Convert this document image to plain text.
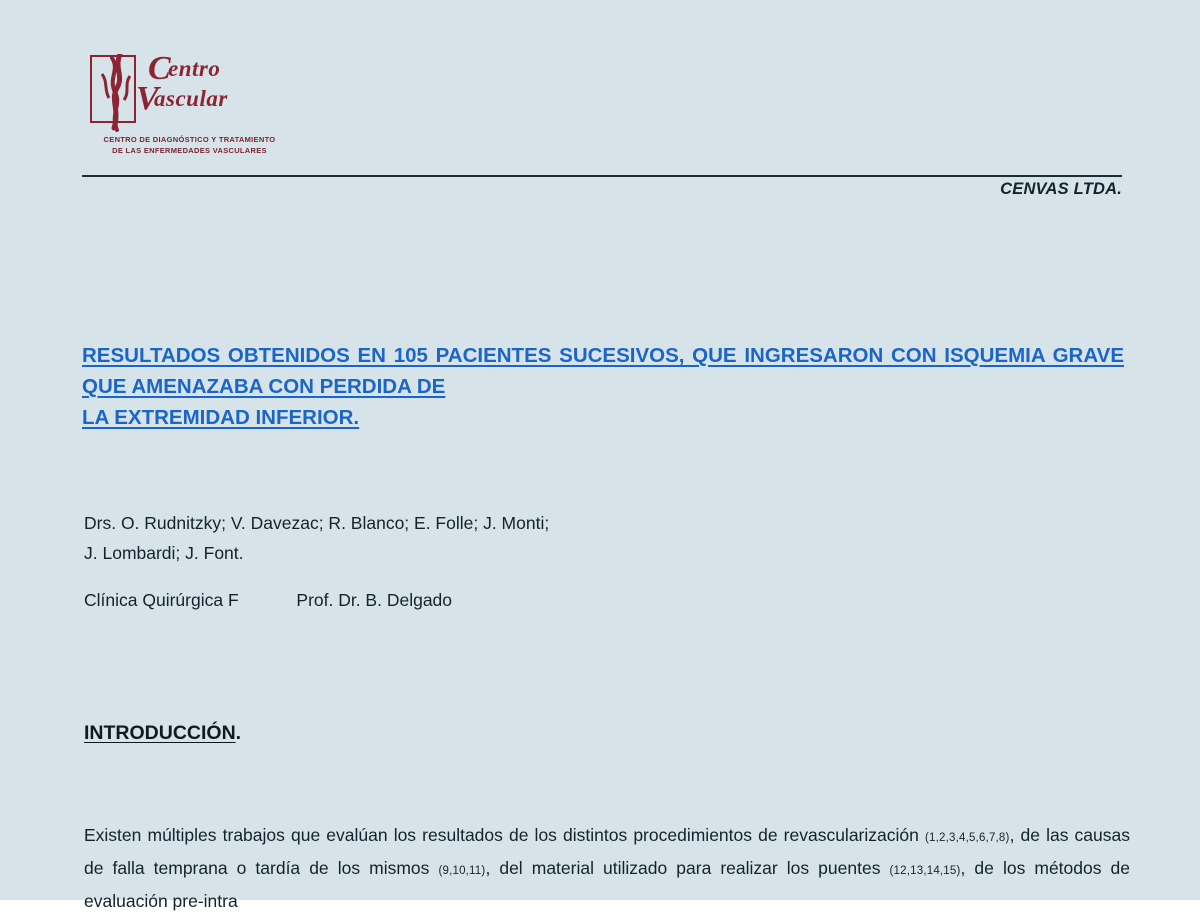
C
entro
V
ascular
CENTRO DE DIAGNÓSTICO Y TRATAMIENTO
DE LAS ENFERMEDADES VASCULARES
CENVAS LTDA.
RESULTADOS OBTENIDOS EN 105 PACIENTES SUCESIVOS, QUE INGRESARON CON ISQUEMIA GRAVE QUE AMENAZABA CON PERDIDA DE
LA EXTREMIDAD INFERIOR.
Drs. O. Rudnitzky; V. Davezac; R. Blanco; E. Folle; J. Monti;
J. Lombardi; J. Font.
Clínica Quirúrgica F	Prof. Dr. B. Delgado
INTRODUCCIÓN.
Existen múltiples trabajos que evalúan los resultados de los distintos procedimientos de revascularización (1,2,3,4,5,6,7,8), de las causas de falla temprana o tardía de los mismos (9,10,11), del material utilizado para realizar los puentes (12,13,14,15), de los métodos de evaluación pre-intra
